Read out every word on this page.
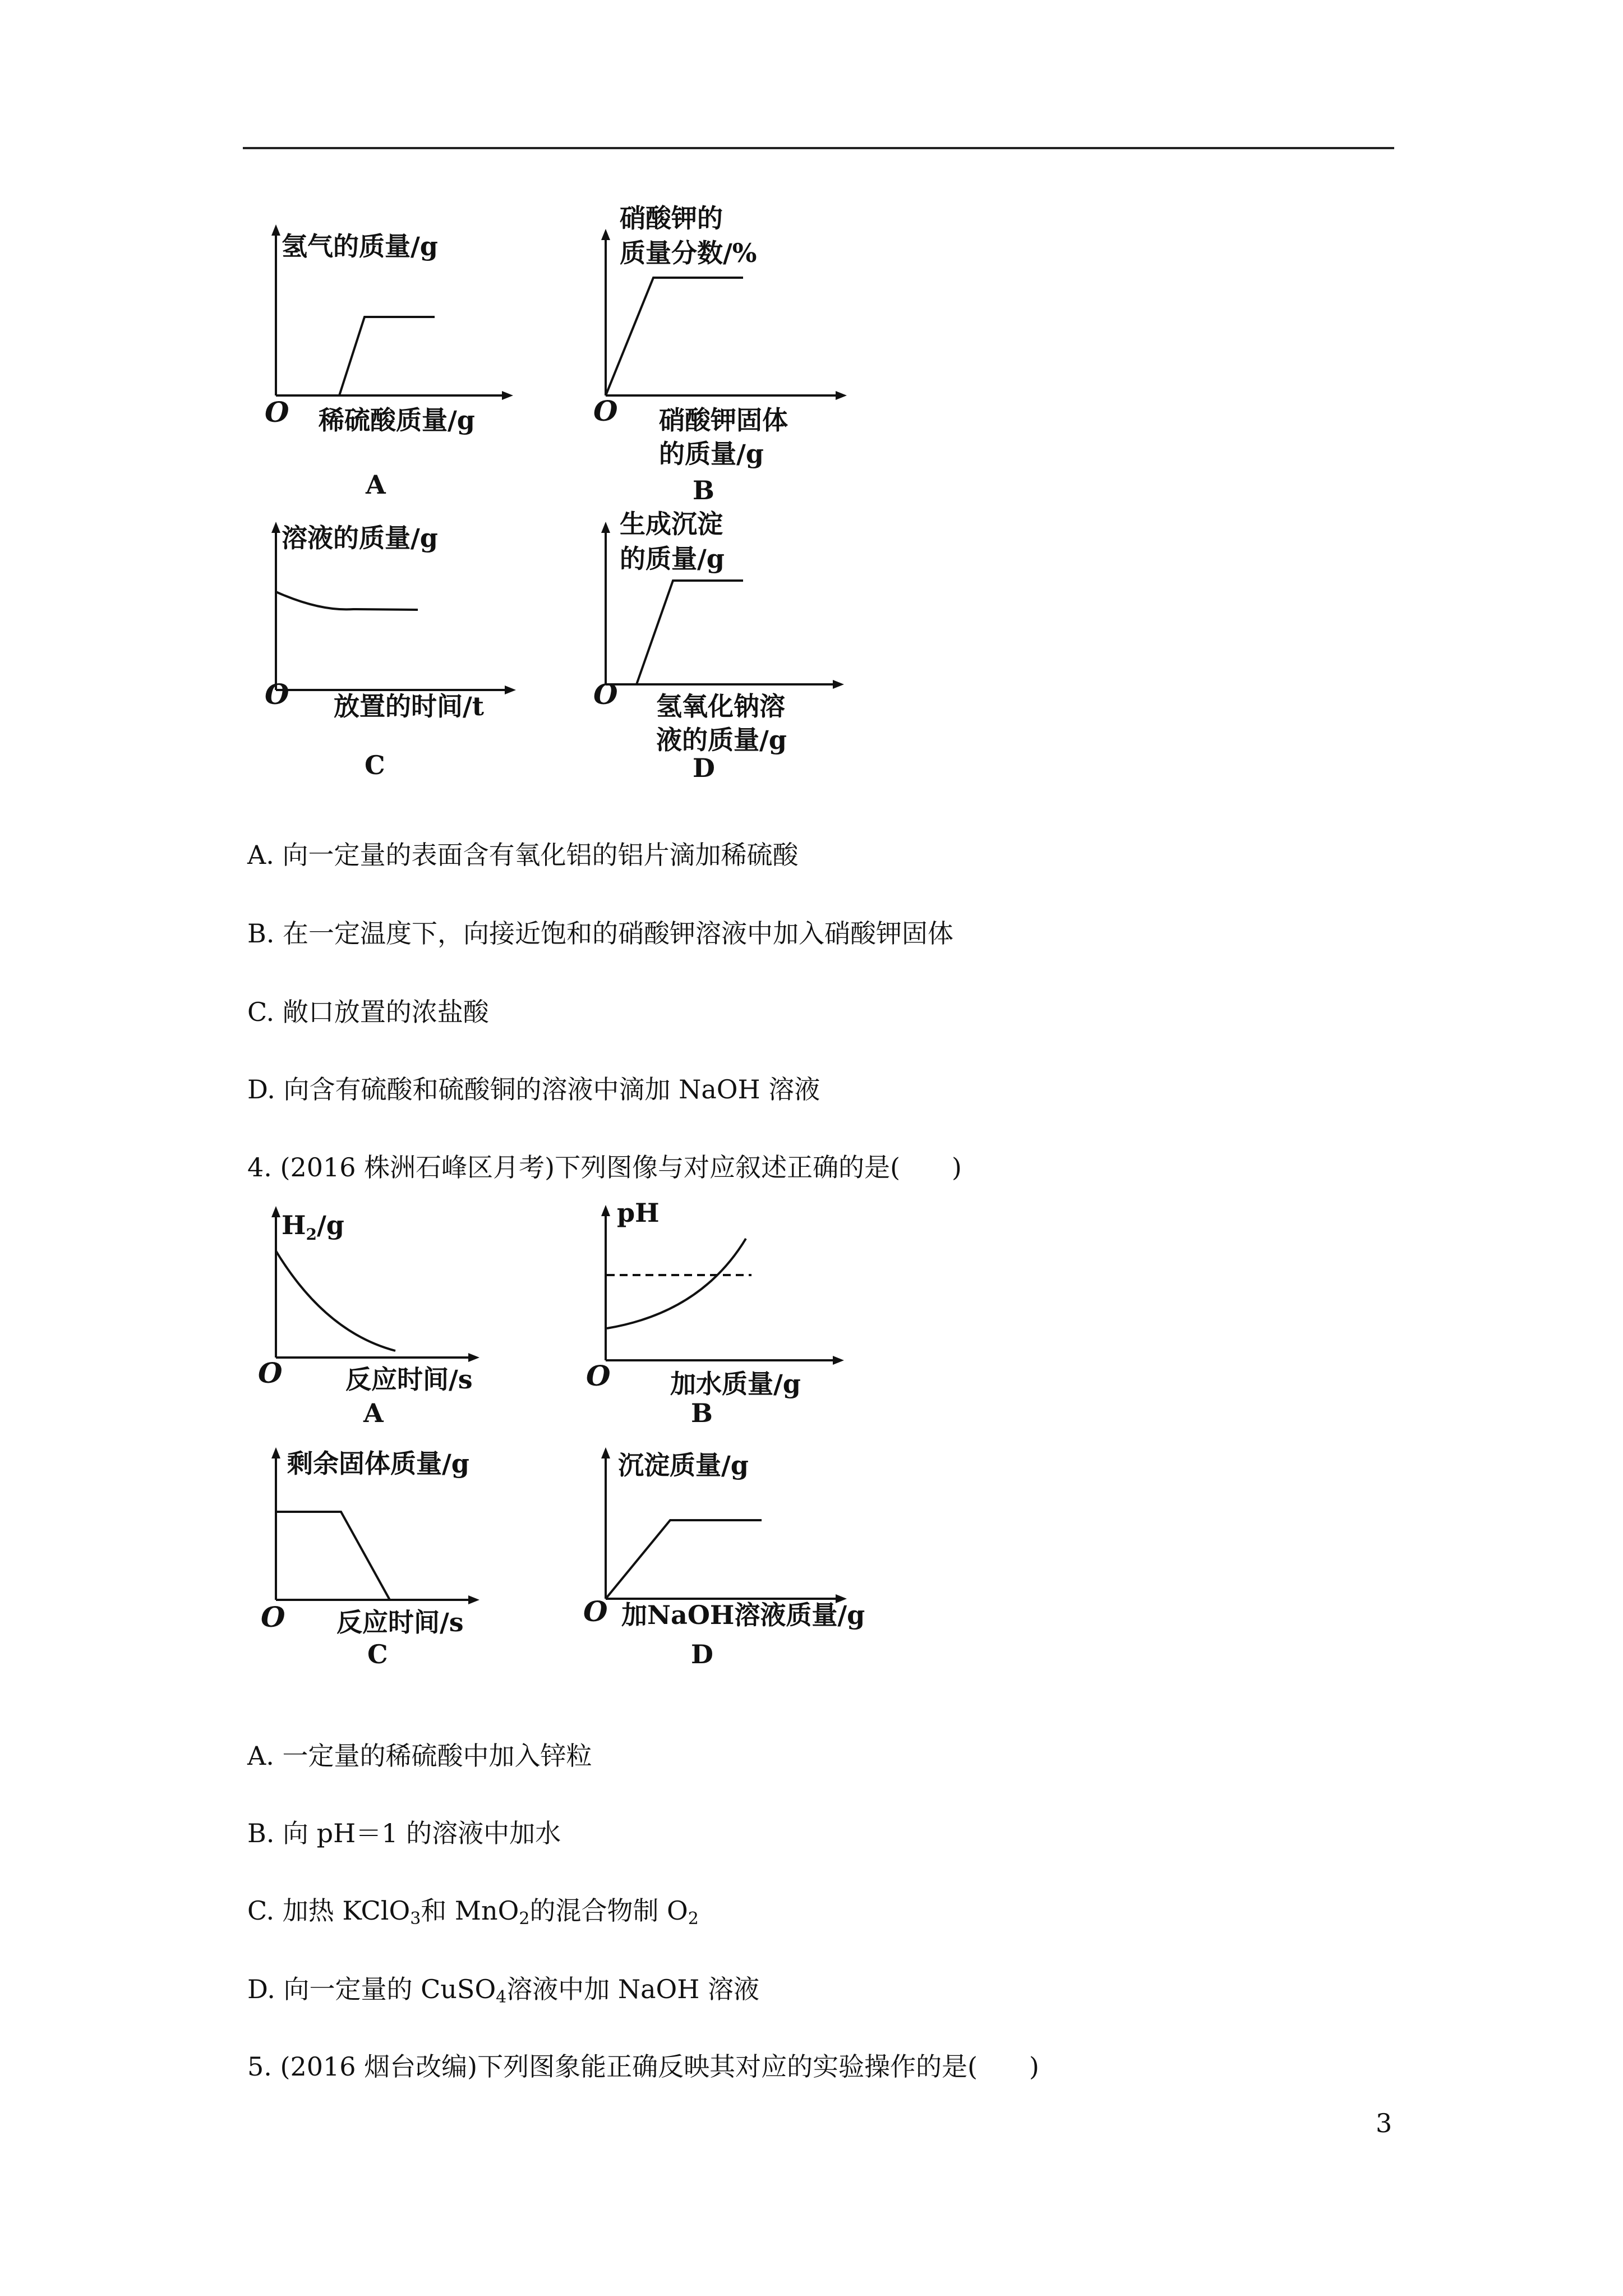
氢气的质量/g
O 稀硫酸质量/g
A
硝酸钾的
质量分数/%
O 硝酸钾固体
的质量/g
B
溶液的质量/g
O 放置的时间/t
C
生成沉淀
的质量/g
O 氢氧化钠溶
液的质量/g
D
A. 向一定量的表面含有氧化铝的铝片滴加稀硫酸
B. 在一定温度下，向接近饱和的硝酸钾溶液中加入硝酸钾固体
C. 敞口放置的浓盐酸
D. 向含有硫酸和硫酸铜的溶液中滴加 NaOH 溶液
4. (2016 株洲石峰区月考)下列图像与对应叙述正确的是(　　)
$H_2/g$
O 反应时间/s
A
pH
O 加水质量/g
B
剩余固体质量/g
O 反应时间/s
C
沉淀质量/g
O 加NaOH溶液质量/g
D
A. 一定量的稀硫酸中加入锌粒
B. 向 pH＝1 的溶液中加水
C. 加热 KClO$_3$和 MnO$_2$的混合物制 $O_2$
D. 向一定量的 CuSO$_4$溶液中加 NaOH 溶液
5. (2016 烟台改编)下列图象能正确反映其对应的实验操作的是(　　)
3
